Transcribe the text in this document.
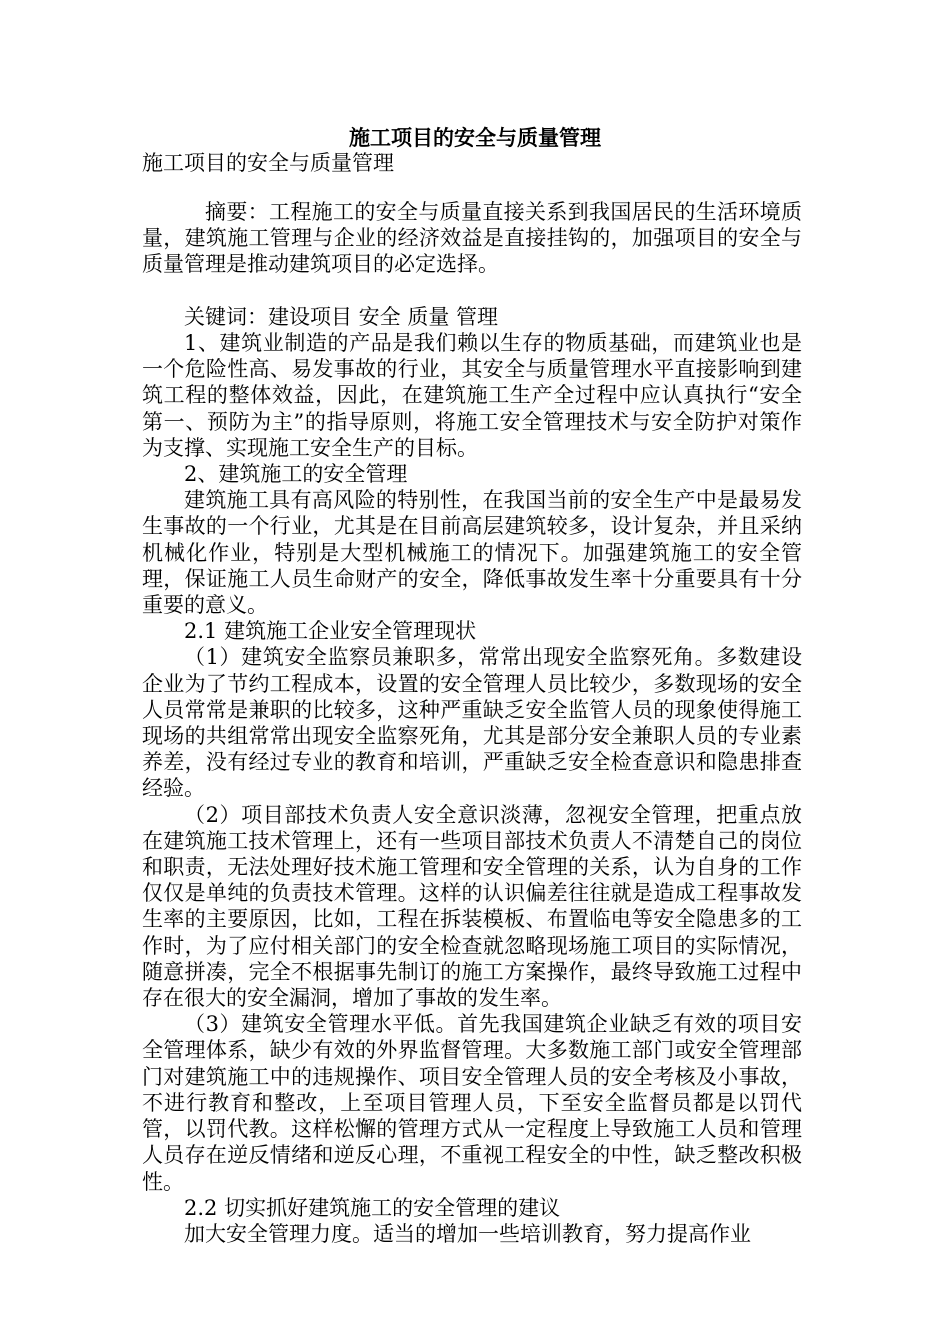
施工项目的安全与质量管理
施工项目的安全与质量管理

摘要：工程施工的安全与质量直接关系到我国居民的生活环境质量，建筑施工管理与企业的经济效益是直接挂钩的，加强项目的安全与质量管理是推动建筑项目的必定选择。

关键词：建设项目 安全 质量 管理

1、建筑业制造的产品是我们赖以生存的物质基础，而建筑业也是一个危险性高、易发事故的行业，其安全与质量管理水平直接影响到建筑工程的整体效益，因此，在建筑施工生产全过程中应认真执行“安全第一、预防为主”的指导原则，将施工安全管理技术与安全防护对策作为支撑、实现施工安全生产的目标。

2、建筑施工的安全管理

建筑施工具有高风险的特别性，在我国当前的安全生产中是最易发生事故的一个行业，尤其是在目前高层建筑较多，设计复杂，并且采纳机械化作业，特别是大型机械施工的情况下。加强建筑施工的安全管理，保证施工人员生命财产的安全，降低事故发生率十分重要具有十分重要的意义。

2.1 建筑施工企业安全管理现状

（1）建筑安全监察员兼职多，常常出现安全监察死角。多数建设企业为了节约工程成本，设置的安全管理人员比较少，多数现场的安全人员常常是兼职的比较多，这种严重缺乏安全监管人员的现象使得施工现场的共组常常出现安全监察死角，尤其是部分安全兼职人员的专业素养差，没有经过专业的教育和培训，严重缺乏安全检查意识和隐患排查经验。

（2）项目部技术负责人安全意识淡薄，忽视安全管理，把重点放在建筑施工技术管理上，还有一些项目部技术负责人不清楚自己的岗位和职责，无法处理好技术施工管理和安全管理的关系，认为自身的工作仅仅是单纯的负责技术管理。这样的认识偏差往往就是造成工程事故发生率的主要原因，比如，工程在拆装模板、布置临电等安全隐患多的工作时，为了应付相关部门的安全检查就忽略现场施工项目的实际情况，随意拼凑，完全不根据事先制订的施工方案操作，最终导致施工过程中存在很大的安全漏洞，增加了事故的发生率。

（3）建筑安全管理水平低。首先我国建筑企业缺乏有效的项目安全管理体系，缺少有效的外界监督管理。大多数施工部门或安全管理部门对建筑施工中的违规操作、项目安全管理人员的安全考核及小事故，不进行教育和整改，上至项目管理人员，下至安全监督员都是以罚代管，以罚代教。这样松懈的管理方式从一定程度上导致施工人员和管理人员存在逆反情绪和逆反心理，不重视工程安全的中性，缺乏整改积极性。

2.2 切实抓好建筑施工的安全管理的建议

加大安全管理力度。适当的增加一些培训教育，努力提高作业
